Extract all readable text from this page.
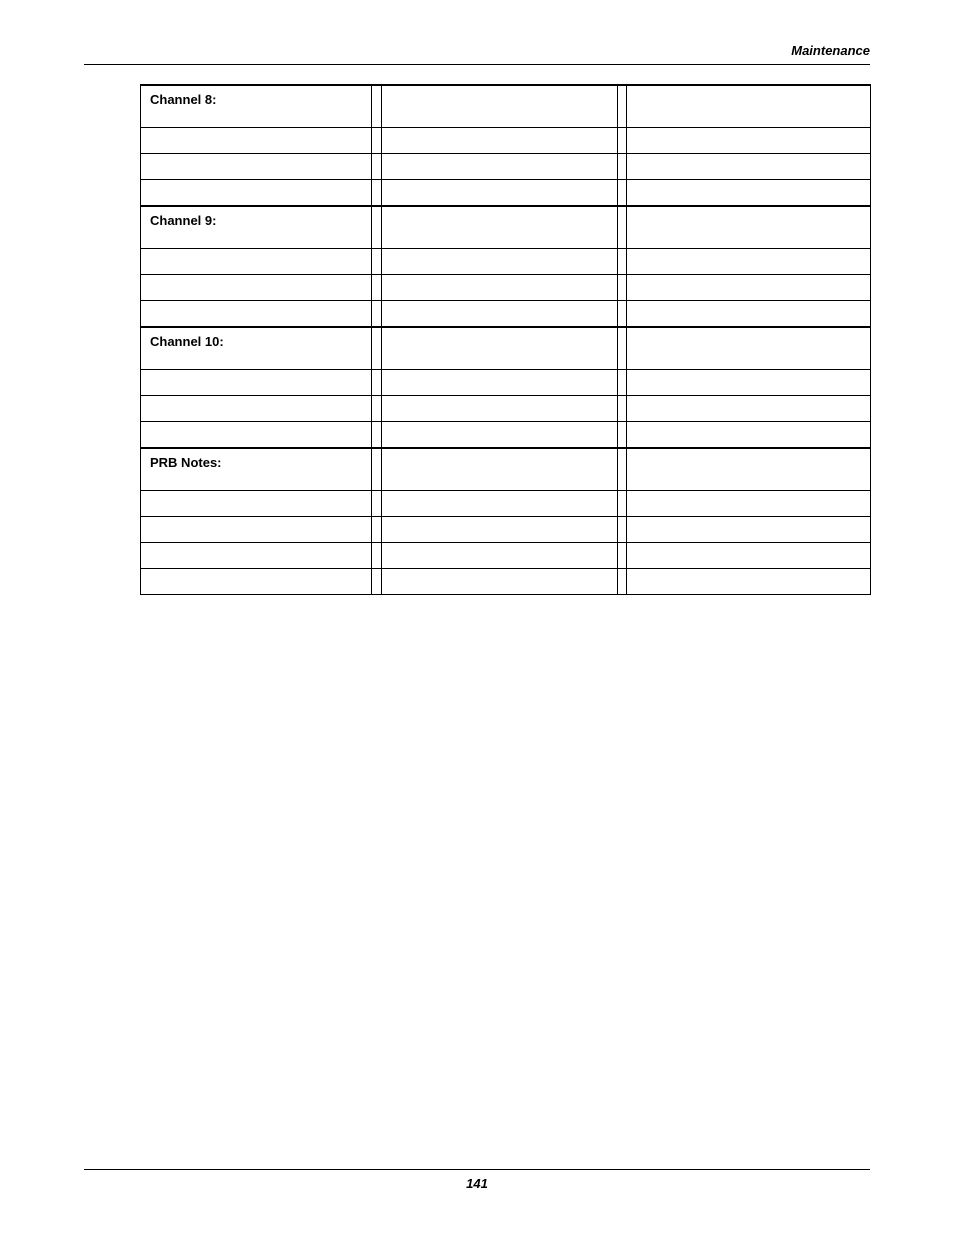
Maintenance
Channel 8:				

Channel 9:				

Channel 10:				

PRB Notes:				

141
